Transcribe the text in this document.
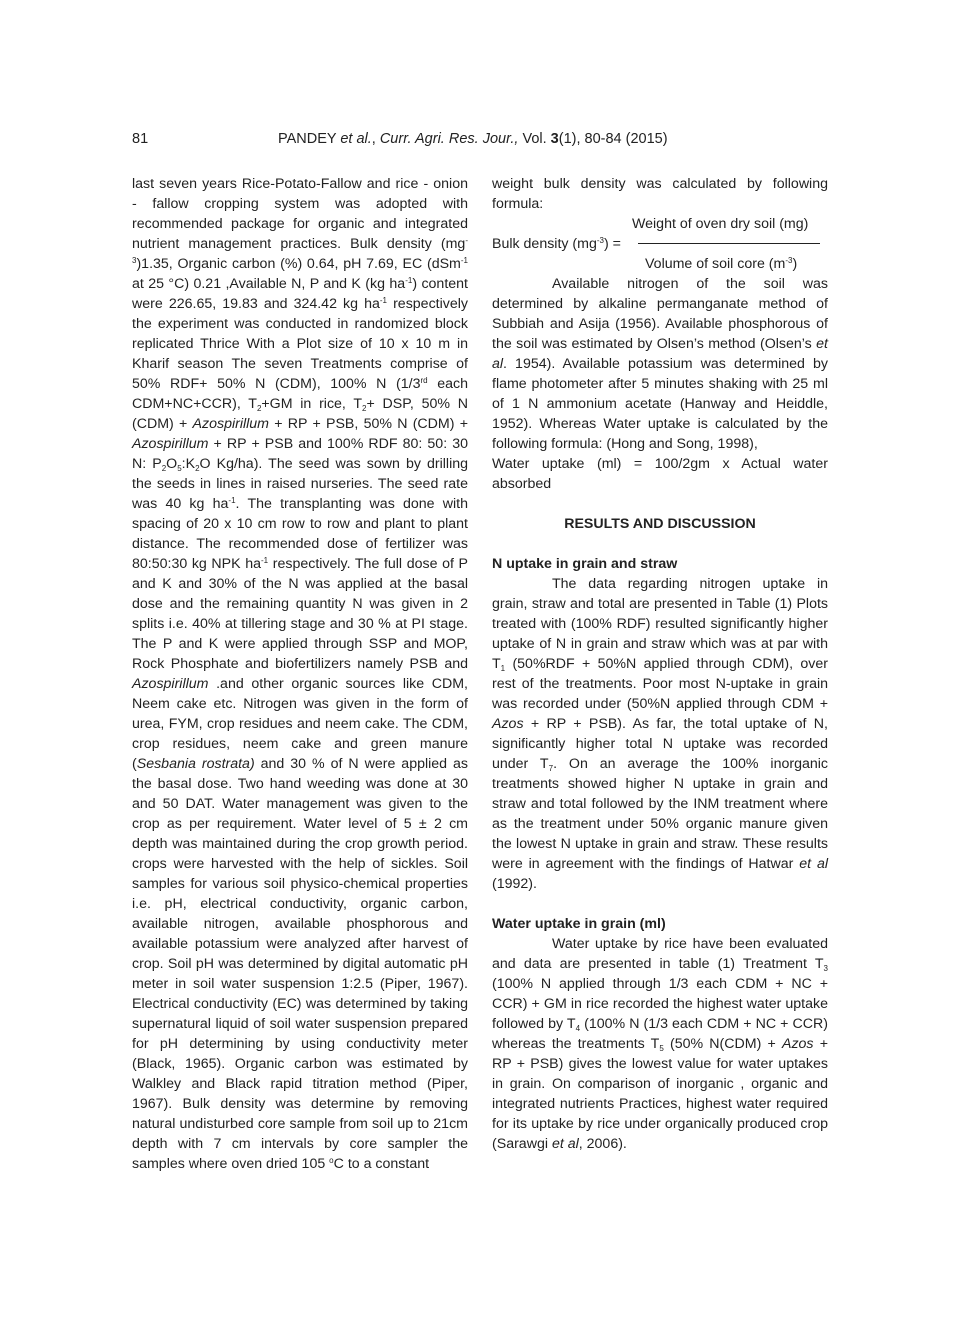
81	PANDEY et al., Curr. Agri. Res. Jour., Vol. 3(1), 80-84 (2015)

last seven years Rice-Potato-Fallow and rice - onion - fallow cropping system was adopted with recommended package for organic and integrated nutrient management practices. Bulk density $(mg^{-3})1.35$, Organic carbon (%) 0.64, pH 7.69, EC (dSm$^{-1}$ at 25 °C) 0.21 ,Available N, P and K (kg $ha^{-1}$) content were 226.65, 19.83 and 324.42 kg $ha^{-1}$ respectively the experiment was conducted in randomized block replicated Thrice With a Plot size of 10 x 10 m in Kharif season The seven Treatments comprise of 50% RDF+ 50% N (CDM), 100% N (1/3rd each CDM+NC+CCR), $T_2+GM$ in rice, $T_2+$ DSP, 50% N (CDM) + Azospirillum + RP + PSB, 50% N (CDM) + Azospirillum + RP + PSB and 100% RDF 80: 50: 30 N: $P_2O_5:K_2O$ Kg/ha). The seed was sown by drilling the seeds in lines in raised nurseries. The seed rate was 40 kg $ha^{-1}$. The transplanting was done with spacing of 20 x 10 cm row to row and plant to plant distance. The recommended dose of fertilizer was 80:50:30 kg NPK $ha^{-1}$ respectively. The full dose of P and K and 30% of the N was applied at the basal dose and the remaining quantity N was given in 2 splits i.e. 40% at tillering stage and 30 % at PI stage. The P and K were applied through SSP and MOP, Rock Phosphate and biofertilizers namely PSB and Azospirillum .and other organic sources like CDM, Neem cake etc. Nitrogen was given in the form of urea, FYM, crop residues and neem cake. The CDM, crop residues, neem cake and green manure (Sesbania rostrata) and 30 % of N were applied as the basal dose. Two hand weeding was done at 30 and 50 DAT. Water management was given to the crop as per requirement. Water level of 5 ± 2 cm depth was maintained during the crop growth period. crops were harvested with the help of sickles. Soil samples for various soil physico-chemical properties i.e. pH, electrical conductivity, organic carbon, available nitrogen, available phosphorous and available potassium were analyzed after harvest of crop. Soil pH was determined by digital automatic pH meter in soil water suspension 1:2.5 (Piper, 1967). Electrical conductivity (EC) was determined by taking supernatural liquid of soil water suspension prepared for pH determining by using conductivity meter (Black, 1965). Organic carbon was estimated by Walkley and Black rapid titration method (Piper, 1967). Bulk density was determine by removing natural undisturbed core sample from soil up to 21cm depth with 7 cm intervals by core sampler the samples where oven dried 105 $^o$C to a constant

weight bulk density was calculated by following formula:

Weight of oven dry soil (mg)
Bulk density $(mg^{-3})$ =
Volume of soil core $(m^{-3})$

Available nitrogen of the soil was determined by alkaline permanganate method of Subbiah and Asija (1956). Available phosphorous of the soil was estimated by Olsen’s method (Olsen’s et al. 1954). Available potassium was determined by flame photometer after 5 minutes shaking with 25 ml of 1 N ammonium acetate (Hanway and Heiddle, 1952). Whereas Water uptake is calculated by the following formula: (Hong and Song, 1998),

Water uptake (ml) = 100/2gm x Actual water absorbed

RESULTS AND DISCUSSION

N uptake in grain and straw

The data regarding nitrogen uptake in grain, straw and total are presented in Table (1) Plots treated with (100% RDF) resulted significantly higher uptake of N in grain and straw which was at par with $T_1$ (50%RDF + 50%N applied through CDM), over rest of the treatments. Poor most N-uptake in grain was recorded under (50%N applied through CDM + Azos + RP + PSB). As far, the total uptake of N, significantly higher total N uptake was recorded under $T_7$. On an average the 100% inorganic treatments showed higher N uptake in grain and straw and total followed by the INM treatment where as the treatment under 50% organic manure given the lowest N uptake in grain and straw. These results were in agreement with the findings of Hatwar et al (1992).

Water uptake in grain (ml)

Water uptake by rice have been evaluated and data are presented in table (1) Treatment $T_3$ (100% N applied through 1/3 each CDM + NC + CCR) + GM in rice recorded the highest water uptake followed by $T_4$ (100% N (1/3 each CDM + NC + CCR) whereas the treatments $T_5$ (50% N(CDM) + Azos + RP + PSB) gives the lowest value for water uptakes in grain. On comparison of inorganic , organic and integrated nutrients Practices, highest water required for its uptake by rice under organically produced crop (Sarawgi et al, 2006).
